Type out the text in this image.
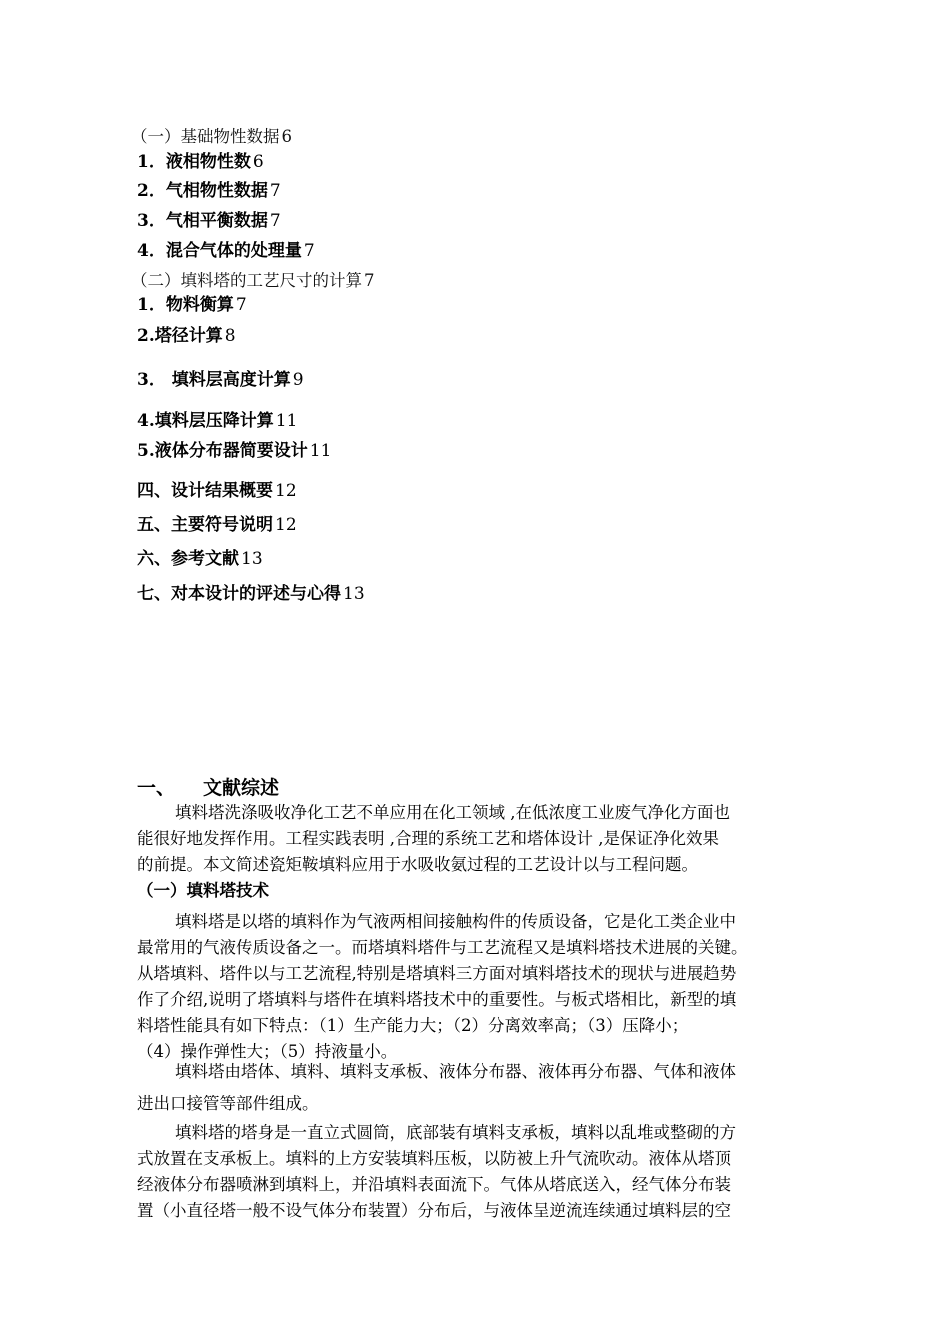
（一）基础物性数据 6
1．液相物性数 6
2．气相物性数据 7
3．气相平衡数据 7
4．混合气体的处理量 7
（二）填料塔的工艺尺寸的计算 7
1．物料衡算 7
2.塔径计算 8
3． 填料层高度计算 9
4.填料层压降计算 11
5.液体分布器简要设计 11
四、设计结果概要 12
五、主要符号说明 12
六、参考文献 13
七、对本设计的评述与心得 13
一、 文献综述
填料塔洗涤吸收净化工艺不单应用在化工领域 ,在低浓度工业废气净化方面也
能很好地发挥作用。工程实践表明 ,合理的系统工艺和塔体设计 ,是保证净化效果
的前提。本文简述瓷矩鞍填料应用于水吸收氨过程的工艺设计以与工程问题。
（一）填料塔技术
填料塔是以塔的填料作为气液两相间接触构件的传质设备，它是化工类企业中
最常用的气液传质设备之一。而塔填料塔件与工艺流程又是填料塔技术进展的关键。
从塔填料、塔件以与工艺流程,特别是塔填料三方面对填料塔技术的现状与进展趋势
作了介绍,说明了塔填料与塔件在填料塔技术中的重要性。与板式塔相比，新型的填
料塔性能具有如下特点：（1）生产能力大；（2）分离效率高；（3）压降小；
（4）操作弹性大；（5）持液量小。
填料塔由塔体、填料、填料支承板、液体分布器、液体再分布器、气体和液体
进出口接管等部件组成。
填料塔的塔身是一直立式圆筒，底部装有填料支承板，填料以乱堆或整砌的方
式放置在支承板上。填料的上方安装填料压板，以防被上升气流吹动。液体从塔顶
经液体分布器喷淋到填料上，并沿填料表面流下。气体从塔底送入，经气体分布装
置（小直径塔一般不设气体分布装置）分布后，与液体呈逆流连续通过填料层的空
